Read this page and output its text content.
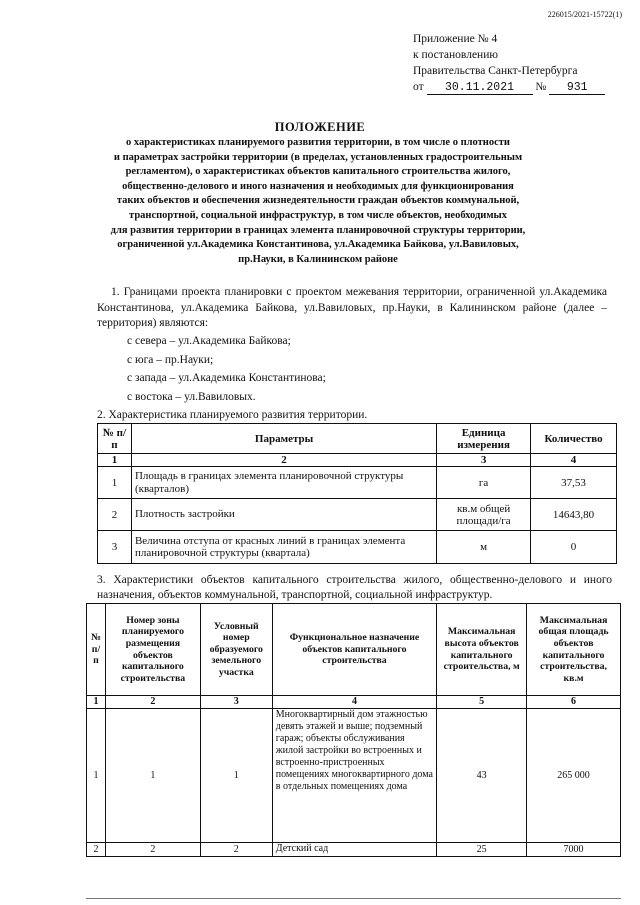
226015/2021-15722(1)
Приложение № 4
к постановлению
Правительства Санкт-Петербурга
от 30.11.2021 № 931
ПОЛОЖЕНИЕ
о характеристиках планируемого развития территории, в том числе о плотности
и параметрах застройки территории (в пределах, установленных градостроительным
регламентом), о характеристиках объектов капитального строительства жилого,
общественно-делового и иного назначения и необходимых для функционирования
таких объектов и обеспечения жизнедеятельности граждан объектов коммунальной,
транспортной, социальной инфраструктур, в том числе объектов, необходимых
для развития территории в границах элемента планировочной структуры территории,
ограниченной ул.Академика Константинова, ул.Академика Байкова, ул.Вавиловых,
пр.Науки, в Калининском районе
1. Границами проекта планировки с проектом межевания территории, ограниченной ул.Академика Константинова, ул.Академика Байкова, ул.Вавиловых, пр.Науки, в Калининском районе (далее – территория) являются:
с севера – ул.Академика Байкова;
с юга – пр.Науки;
с запада – ул.Академика Константинова;
с востока – ул.Вавиловых.
2. Характеристика планируемого развития территории.
№ п/п	Параметры	Единица измерения	Количество
1	2	3	4
1	Площадь в границах элемента планировочной структуры (кварталов)	га	37,53
2	Плотность застройки	кв.м общей площади/га	14643,80
3	Величина отступа от красных линий в границах элемента планировочной структуры (квартала)	м	0
3. Характеристики объектов капитального строительства жилого, общественно-делового и иного назначения, объектов коммунальной, транспортной, социальной инфраструктур.
№ п/п	Номер зоны планируемого размещения объектов капитального строительства	Условный номер образуемого земельного участка	Функциональное назначение объектов капитального строительства	Максимальная высота объектов капитального строительства, м	Максимальная общая площадь объектов капитального строительства, кв.м
1	2	3	4	5	6
1	1	1	Многоквартирный дом этажностью девять этажей и выше; подземный гараж; объекты обслуживания жилой застройки во встроенных и встроенно-пристроенных помещениях многоквартирного дома в отдельных помещениях дома	43	265 000
2	2	2	Детский сад	25	7000
